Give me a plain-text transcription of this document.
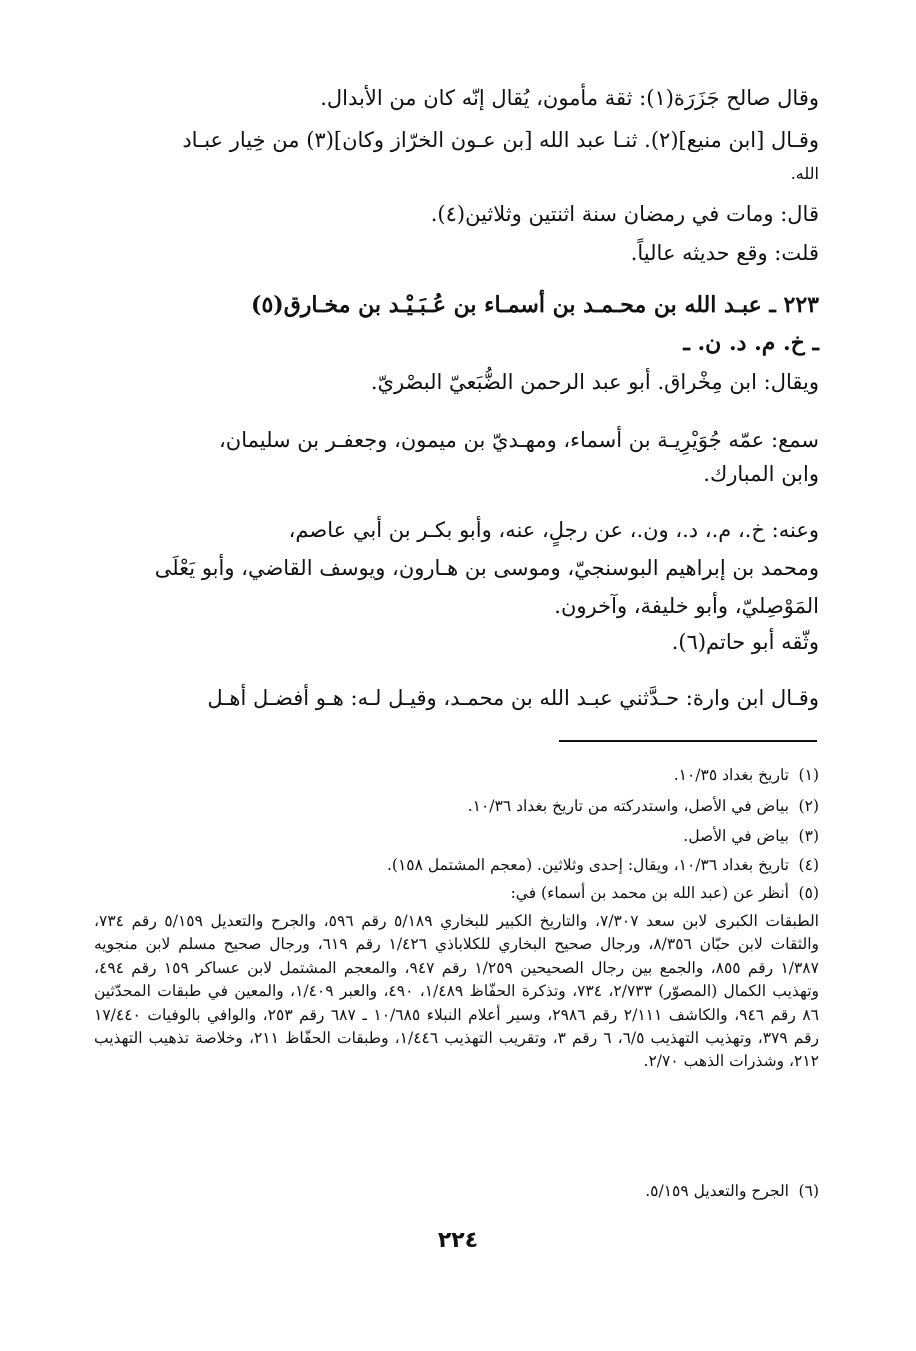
وقال صالح جَزَرَة(١): ثقة مأمون، يُقال إنّه كان من الأبدال.
وقـال [ابن منيع](٢). ثنـا عبد الله [بن عـون الخرّاز وكان](٣) من خِيار عبـاد
الله.
قال: ومات في رمضان سنة اثنتين وثلاثين(٤).
قلت: وقع حديثه عالياً.
٢٢٣ ـ عبـد الله بن محـمـد بن أسمـاء بن عُـبَـيْـد بن مخـارق(٥)
ـ خ. م. د. ن. ـ
ويقال: ابن مِخْراق. أبو عبد الرحمن الضُّبَعيّ البصْريّ.
سمع: عمّه جُوَيْرِيـة بن أسماء، ومهـديّ بن ميمون، وجعفـر بن سليمان،
وابن المبارك.
وعنه: خ.، م.، د.، ون.، عن رجلٍ، عنه، وأبو بكـر بن أبي عاصم،
ومحمد بن إبراهيم البوسنجيّ، وموسى بن هـارون، ويوسف القاضي، وأبو يَعْلَى
المَوْصِليّ، وأبو خليفة، وآخرون.
وثّقه أبو حاتم(٦).
وقـال ابن وارة: حـدَّثني عبـد الله بن محمـد، وقيـل لـه: هـو أفضـل أهـل
(١)
تاريخ بغداد ١٠/٣٥.
(٢)
بياض في الأصل، واستدركته من تاريخ بغداد ١٠/٣٦.
(٣)
بياض في الأصل.
(٤)
تاريخ بغداد ١٠/٣٦، ويقال: إحدى وثلاثين. (معجم المشتمل ١٥٨).
(٥)
أنظر عن (عبد الله بن محمد بن أسماء) في:
الطبقات الكبرى لابن سعد ٧/٣٠٧، والتاريخ الكبير للبخاري ٥/١٨٩ رقم ٥٩٦، والجرح والتعديل ٥/١٥٩ رقم ٧٣٤، والثقات لابن حبّان ٨/٣٥٦، ورجال صحيح البخاري للكلاباذي ١/٤٢٦ رقم ٦١٩، ورجال صحيح مسلم لابن منجويه ١/٣٨٧ رقم ٨٥٥، والجمع بين رجال الصحيحين ١/٢٥٩ رقم ٩٤٧، والمعجم المشتمل لابن عساكر ١٥٩ رقم ٤٩٤، وتهذيب الكمال (المصوّر) ٢/٧٣٣، ٧٣٤، وتذكرة الحفّاظ ١/٤٨٩، ٤٩٠، والعبر ١/٤٠٩، والمعين في طبقات المحدّثين ٨٦ رقم ٩٤٦، والكاشف ٢/١١١ رقم ٢٩٨٦، وسير أعلام النبلاء ١٠/٦٨٥ ـ ٦٨٧ رقم ٢٥٣، والوافي بالوفيات ١٧/٤٤٠ رقم ٣٧٩، وتهذيب التهذيب ٦/٥، ٦ رقم ٣، وتقريب التهذيب ١/٤٤٦، وطبقات الحفّاظ ٢١١، وخلاصة تذهيب التهذيب ٢١٢، وشذرات الذهب ٢/٧٠.
(٦)
الجرح والتعديل ٥/١٥٩.
٢٢٤
